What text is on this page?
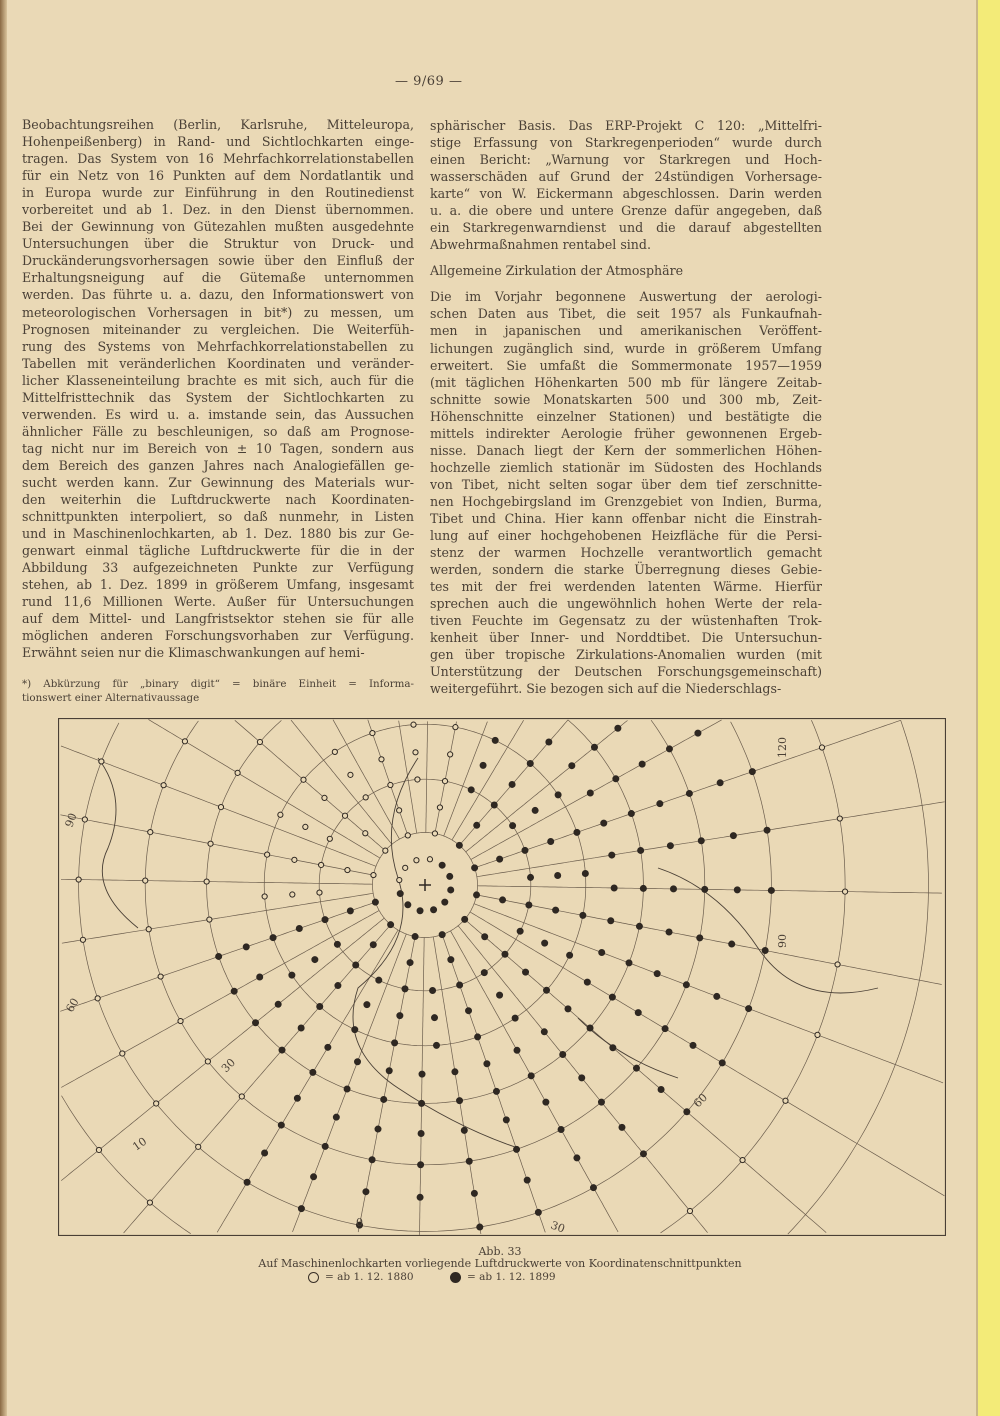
— 9/69 —
Beobachtungsreihen (Berlin, Karlsruhe, Mitteleuropa,
Hohenpeißenberg) in Rand- und Sichtlochkarten einge-
tragen. Das System von 16 Mehrfachkorrelationstabellen
für ein Netz von 16 Punkten auf dem Nordatlantik und
in Europa wurde zur Einführung in den Routinedienst
vorbereitet und ab 1. Dez. in den Dienst übernommen.
Bei der Gewinnung von Gütezahlen mußten ausgedehnte
Untersuchungen über die Struktur von Druck- und
Druckänderungsvorhersagen sowie über den Einfluß der
Erhaltungsneigung auf die Gütemaße unternommen
werden. Das führte u. a. dazu, den Informationswert von
meteorologischen Vorhersagen in bit*) zu messen, um
Prognosen miteinander zu vergleichen. Die Weiterfüh-
rung des Systems von Mehrfachkorrelationstabellen zu
Tabellen mit veränderlichen Koordinaten und veränder-
licher Klasseneinteilung brachte es mit sich, auch für die
Mittelfristtechnik das System der Sichtlochkarten zu
verwenden. Es wird u. a. imstande sein, das Aussuchen
ähnlicher Fälle zu beschleunigen, so daß am Prognose-
tag nicht nur im Bereich von ± 10 Tagen, sondern aus
dem Bereich des ganzen Jahres nach Analogiefällen ge-
sucht werden kann. Zur Gewinnung des Materials wur-
den weiterhin die Luftdruckwerte nach Koordinaten-
schnittpunkten interpoliert, so daß nunmehr, in Listen
und in Maschinenlochkarten, ab 1. Dez. 1880 bis zur Ge-
genwart einmal tägliche Luftdruckwerte für die in der
Abbildung 33 aufgezeichneten Punkte zur Verfügung
stehen, ab 1. Dez. 1899 in größerem Umfang, insgesamt
rund 11,6 Millionen Werte. Außer für Untersuchungen
auf dem Mittel- und Langfristsektor stehen sie für alle
möglichen anderen Forschungsvorhaben zur Verfügung.
Erwähnt seien nur die Klimaschwankungen auf hemi-
*) Abkürzung für „binary digit“ = binäre Einheit = Informa-
tionswert einer Alternativaussage
sphärischer Basis. Das ERP-Projekt C 120: „Mittelfri-
stige Erfassung von Starkregenperioden“ wurde durch
einen Bericht: „Warnung vor Starkregen und Hoch-
wasserschäden auf Grund der 24stündigen Vorhersage-
karte“ von W. Eickermann abgeschlossen. Darin werden
u. a. die obere und untere Grenze dafür angegeben, daß
ein Starkregenwarndienst und die darauf abgestellten
Abwehrmaßnahmen rentabel sind.
Allgemeine Zirkulation der Atmosphäre
Die im Vorjahr begonnene Auswertung der aerologi-
schen Daten aus Tibet, die seit 1957 als Funkaufnah-
men in japanischen und amerikanischen Veröffent-
lichungen zugänglich sind, wurde in größerem Umfang
erweitert. Sie umfaßt die Sommermonate 1957—1959
(mit täglichen Höhenkarten 500 mb für längere Zeitab-
schnitte sowie Monatskarten 500 und 300 mb, Zeit-
Höhenschnitte einzelner Stationen) und bestätigte die
mittels indirekter Aerologie früher gewonnenen Ergeb-
nisse. Danach liegt der Kern der sommerlichen Höhen-
hochzelle ziemlich stationär im Südosten des Hochlands
von Tibet, nicht selten sogar über dem tief zerschnitte-
nen Hochgebirgsland im Grenzgebiet von Indien, Burma,
Tibet und China. Hier kann offenbar nicht die Einstrah-
lung auf einer hochgehobenen Heizfläche für die Persi-
stenz der warmen Hochzelle verantwortlich gemacht
werden, sondern die starke Überregnung dieses Gebie-
tes mit der frei werdenden latenten Wärme. Hierfür
sprechen auch die ungewöhnlich hohen Werte der rela-
tiven Feuchte im Gegensatz zu der wüstenhaften Trok-
kenheit über Inner- und Norddtibet. Die Untersuchun-
gen über tropische Zirkulations-Anomalien wurden (mit
Unterstützung der Deutschen Forschungsgemeinschaft)
weitergeführt. Sie bezogen sich auf die Niederschlags-
90
60
30
10
0	30
60
90
120
Abb. 33
Auf Maschinenlochkarten vorliegende Luftdruckwerte von Koordinatenschnittpunkten
= ab 1. 12. 1880	= ab 1. 12. 1899
